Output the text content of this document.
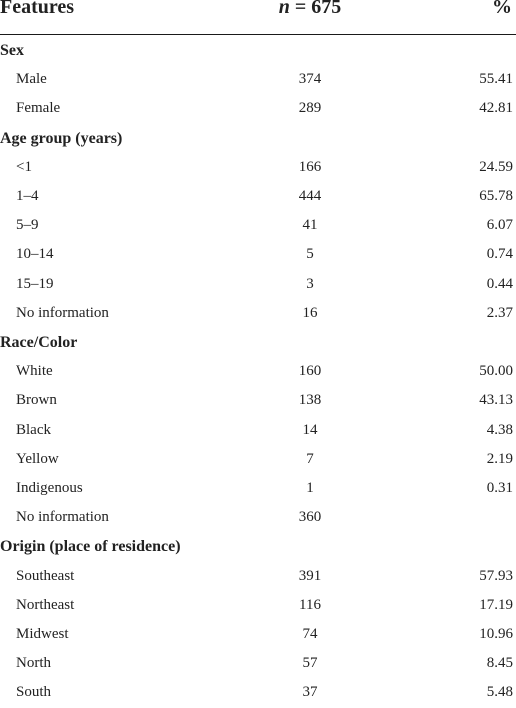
Features	n = 675	%
Sex
Male	374	55.41
Female	289	42.81
Age group (years)
<1	166	24.59
1–4	444	65.78
5–9	41	6.07
10–14	5	0.74
15–19	3	0.44
No information	16	2.37
Race/Color
White	160	50.00
Brown	138	43.13
Black	14	4.38
Yellow	7	2.19
Indigenous	1	0.31
No information	360
Origin (place of residence)
Southeast	391	57.93
Northeast	116	17.19
Midwest	74	10.96
North	57	8.45
South	37	5.48
